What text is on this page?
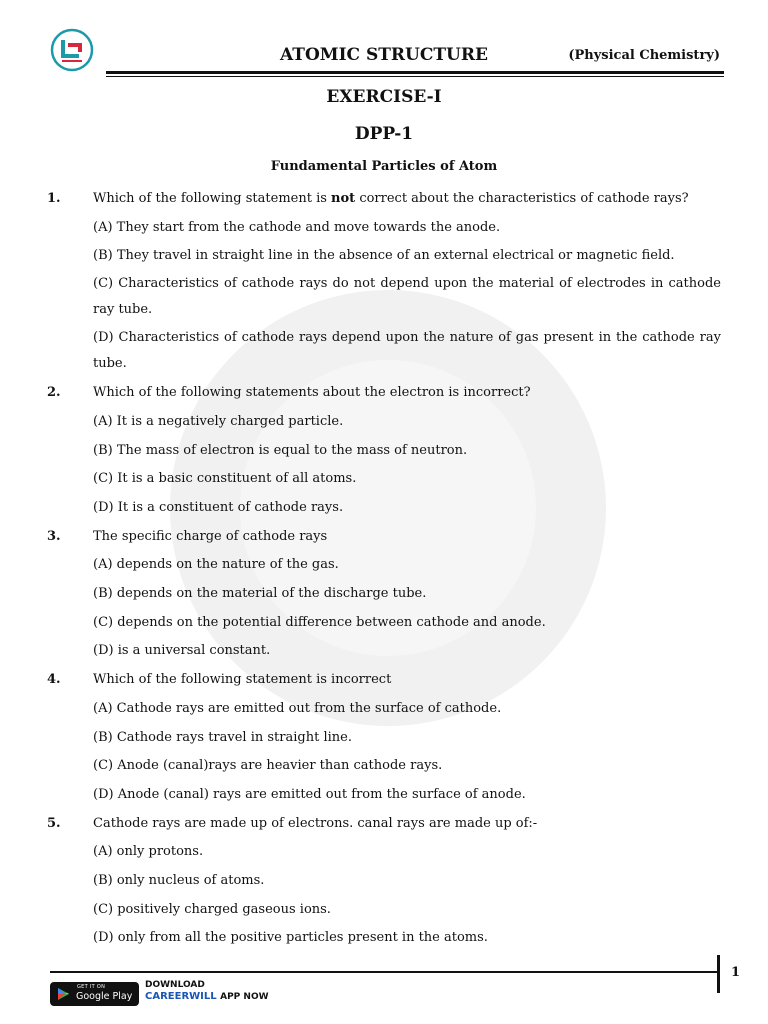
ATOMIC STRUCTURE	(Physical Chemistry)
EXERCISE-I
DPP-1
Fundamental Particles of Atom
1. Which of the following statement is not correct about the characteristics of cathode rays?
(A) They start from the cathode and move towards the anode.
(B) They travel in straight line in the absence of an external electrical or magnetic field.
(C) Characteristics of cathode rays do not depend upon the material of electrodes in cathode ray tube.
(D) Characteristics of cathode rays depend upon the nature of gas present in the cathode ray tube.
2. Which of the following statements about the electron is incorrect?
(A) It is a negatively charged particle.
(B) The mass of electron is equal to the mass of neutron.
(C) It is a basic constituent of all atoms.
(D) It is a constituent of cathode rays.
3. The specific charge of cathode rays
(A) depends on the nature of the gas.
(B) depends on the material of the discharge tube.
(C) depends on the potential difference between cathode and anode.
(D) is a universal constant.
4. Which of the following statement is incorrect
(A) Cathode rays are emitted out from the surface of cathode.
(B) Cathode rays travel in straight line.
(C) Anode (canal)rays are heavier than cathode rays.
(D) Anode (canal) rays are emitted out from the surface of anode.
5. Cathode rays are made up of electrons. canal rays are made up of:-
(A) only protons.
(B) only nucleus of atoms.
(C) positively charged gaseous ions.
(D) only from all the positive particles present in the atoms.
1
GET IT ON
Google Play
DOWNLOAD
CAREERWILL APP NOW
